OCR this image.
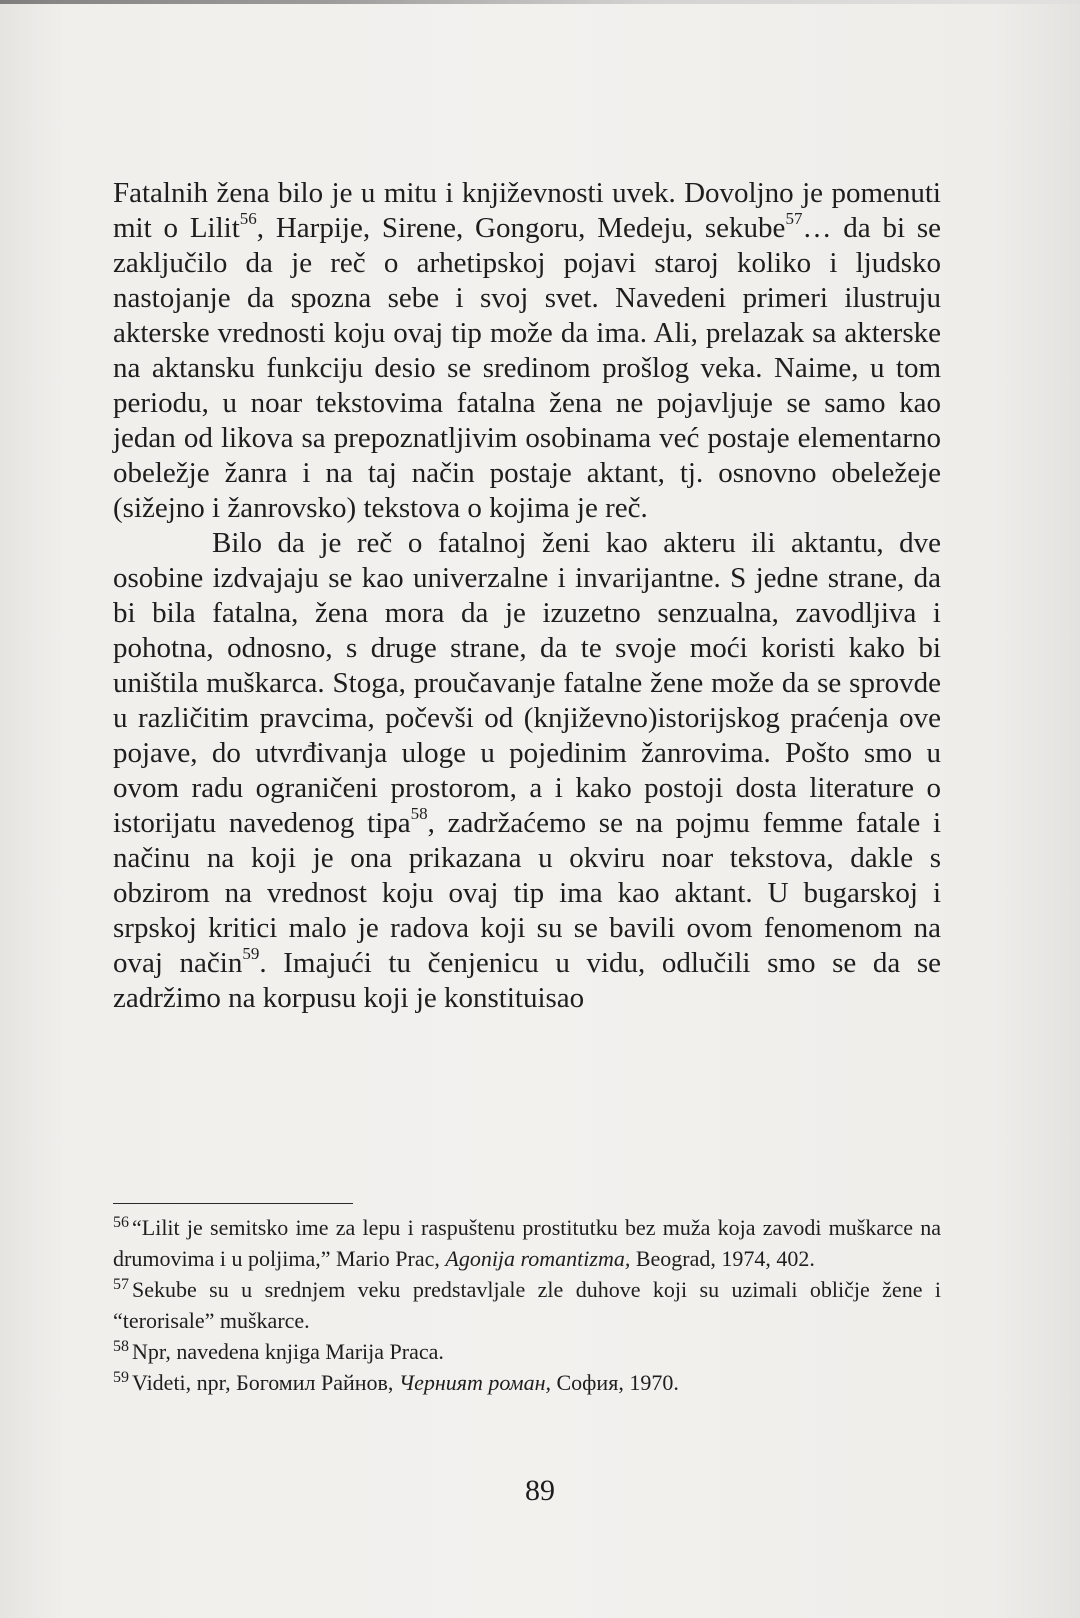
Fatalnih žena bilo je u mitu i književnosti uvek. Dovoljno je pomenuti mit o Lilit$^{56}$, Harpije, Sirene, Gongoru, Medeju, sekube$^{57}$… da bi se zaključilo da je reč o arhetipskoj pojavi staroj koliko i ljudsko nastojanje da spozna sebe i svoj svet. Navedeni primeri ilustruju akterske vrednosti koju ovaj tip može da ima. Ali, prelazak sa akterske na aktansku funkciju desio se sredinom prošlog veka. Naime, u tom periodu, u noar tekstovima fatalna žena ne pojavljuje se samo kao jedan od likova sa prepoznatljivim osobinama već postaje elementarno obeležje žanra i na taj način postaje aktant, tj. osnovno obeležeje (sižejno i žanrovsko) tekstova o kojima je reč.

Bilo da je reč o fatalnoj ženi kao akteru ili aktantu, dve osobine izdvajaju se kao univerzalne i invarijantne. S jedne strane, da bi bila fatalna, žena mora da je izuzetno senzualna, zavodljiva i pohotna, odnosno, s druge strane, da te svoje moći koristi kako bi uništila muškarca. Stoga, proučavanje fatalne žene može da se sprovde u različitim pravcima, počevši od (književno)istorijskog praćenja ove pojave, do utvrđivanja uloge u pojedinim žanrovima. Pošto smo u ovom radu ograničeni prostorom, a i kako postoji dosta literature o istorijatu navedenog tipa$^{58}$, zadržaćemo se na pojmu femme fatale i načinu na koji je ona prikazana u okviru noar tekstova, dakle s obzirom na vrednost koju ovaj tip ima kao aktant. U bugarskoj i srpskoj kritici malo je radova koji su se bavili ovom fenomenom na ovaj način$^{59}$. Imajući tu čenjenicu u vidu, odlučili smo se da se zadržimo na korpusu koji je konstituisao

$^{56}$ “Lilit je semitsko ime za lepu i raspuštenu prostitutku bez muža koja zavodi muškarce na drumovima i u poljima,” Mario Prac, Agonija romantizma, Beograd, 1974, 402.

$^{57}$ Sekube su u srednjem veku predstavljale zle duhove koji su uzimali obličje žene i “terorisale” muškarce.

$^{58}$ Npr, navedena knjiga Marija Praca.

$^{59}$ Videti, npr, Богомил Райнов, Черният роман, София, 1970.

89
